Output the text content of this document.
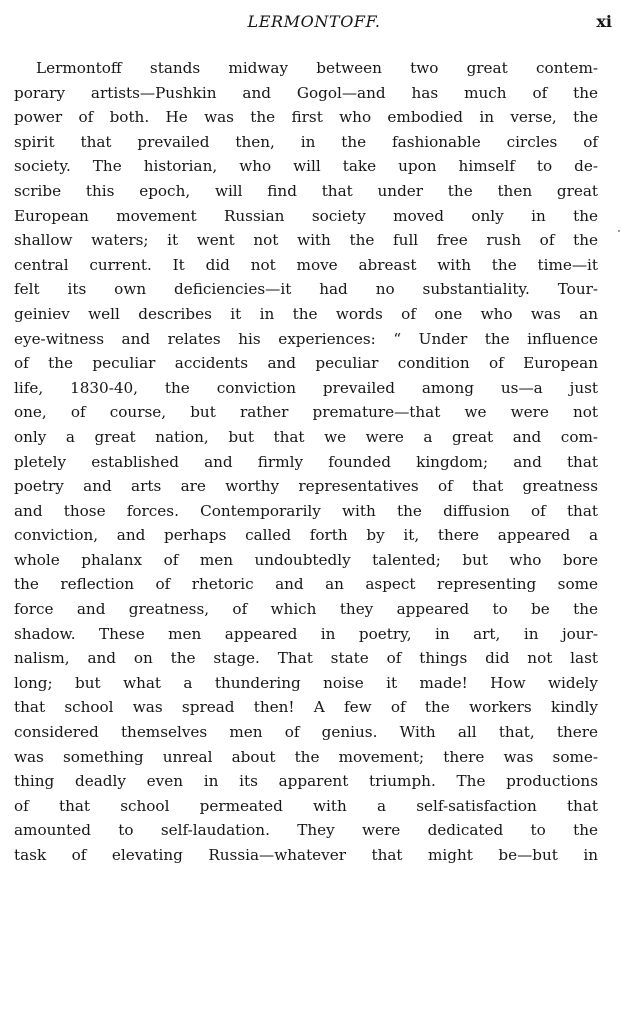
LERMONTOFF.	xi
Lermontoff stands midway between two great contem-
porary artists—Pushkin and Gogol—and has much of the
power of both. He was the first who embodied in verse, the
spirit that prevailed then, in the fashionable circles of
society. The historian, who will take upon himself to de-
scribe this epoch, will find that under the then great
European movement Russian society moved only in the
shallow waters; it went not with the full free rush of the
central current. It did not move abreast with the time—it
felt its own deficiencies—it had no substantiality. Tour-
geiniev well describes it in the words of one who was an
eye-witness and relates his experiences: “ Under the influence
of the peculiar accidents and peculiar condition of European
life, 1830-40, the conviction prevailed among us—a just
one, of course, but rather premature—that we were not
only a great nation, but that we were a great and com-
pletely established and firmly founded kingdom; and that
poetry and arts are worthy representatives of that greatness
and those forces. Contemporarily with the diffusion of that
conviction, and perhaps called forth by it, there appeared a
whole phalanx of men undoubtedly talented; but who bore
the reflection of rhetoric and an aspect representing some
force and greatness, of which they appeared to be the
shadow. These men appeared in poetry, in art, in jour-
nalism, and on the stage. That state of things did not last
long; but what a thundering noise it made! How widely
that school was spread then! A few of the workers kindly
considered themselves men of genius. With all that, there
was something unreal about the movement; there was some-
thing deadly even in its apparent triumph. The productions
of that school permeated with a self-satisfaction that
amounted to self-laudation. They were dedicated to the
task of elevating Russia—whatever that might be—but in
